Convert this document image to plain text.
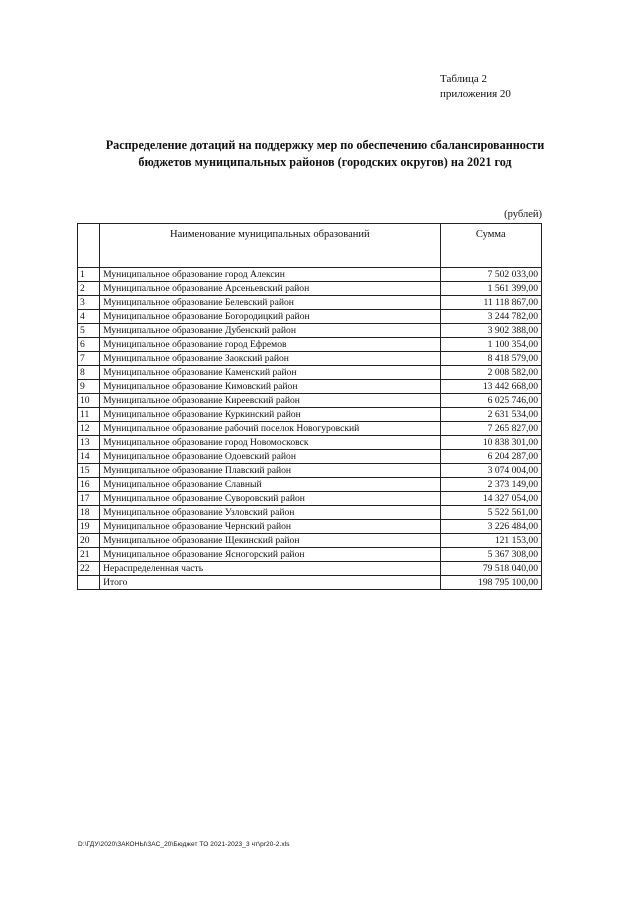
Таблица 2
приложения 20
Распределение дотаций на поддержку мер по обеспечению сбалансированности
бюджетов муниципальных районов (городских округов) на 2021 год
(рублей)
	Наименование муниципальных образований	Сумма
1	Муниципальное образование город Алексин	7 502 033,00
2	Муниципальное образование Арсеньевский район	1 561 399,00
3	Муниципальное образование Белевский район	11 118 867,00
4	Муниципальное образование Богородицкий район	3 244 782,00
5	Муниципальное образование Дубенский район	3 902 388,00
6	Муниципальное образование город Ефремов	1 100 354,00
7	Муниципальное образование Заокский район	8 418 579,00
8	Муниципальное образование Каменский район	2 008 582,00
9	Муниципальное образование Кимовский район	13 442 668,00
10	Муниципальное образование Киреевский район	6 025 746,00
11	Муниципальное образование Куркинский район	2 631 534,00
12	Муниципальное образование рабочий поселок Новогуровский	7 265 827,00
13	Муниципальное образование город Новомосковск	10 838 301,00
14	Муниципальное образование Одоевский район	6 204 287,00
15	Муниципальное образование Плавский район	3 074 004,00
16	Муниципальное образование Славный	2 373 149,00
17	Муниципальное образование Суворовский район	14 327 054,00
18	Муниципальное образование Узловский район	5 522 561,00
19	Муниципальное образование Чернский район	3 226 484,00
20	Муниципальное образование Щекинский район	121 153,00
21	Муниципальное образование Ясногорский район	5 367 308,00
22	Нераспределенная часть	79 518 040,00
	Итого	198 795 100,00
D:\ГДУ\2020\ЗАКОНЫ\ЗАС_20\Бюджет ТО 2021-2023_3 чт\pr20-2.xls
